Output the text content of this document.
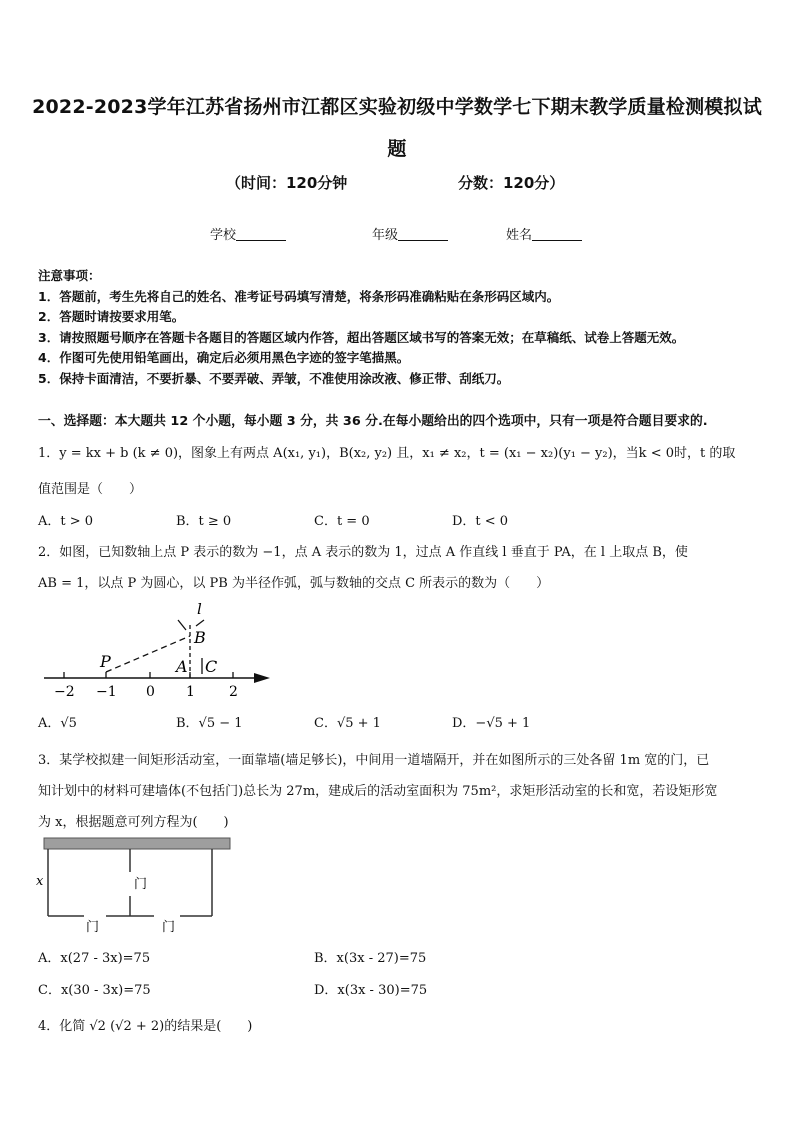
2022-2023学年江苏省扬州市江都区实验初级中学数学七下期末教学质量检测模拟试
题
（时间：120分钟	分数：120分）
学校	年级	姓名
注意事项：
1．答题前，考生先将自己的姓名、准考证号码填写清楚，将条形码准确粘贴在条形码区域内。
2．答题时请按要求用笔。
3．请按照题号顺序在答题卡各题目的答题区域内作答，超出答题区域书写的答案无效；在草稿纸、试卷上答题无效。
4．作图可先使用铅笔画出，确定后必须用黑色字迹的签字笔描黑。
5．保持卡面清洁，不要折暴、不要弄破、弄皱，不准使用涂改液、修正带、刮纸刀。
一、选择题：本大题共 12 个小题，每小题 3 分，共 36 分.在每小题给出的四个选项中，只有一项是符合题目要求的.
1．y = kx + b (k ≠ 0)，图象上有两点 A(x₁, y₁)，B(x₂, y₂) 且，x₁ ≠ x₂，t = (x₁ − x₂)(y₁ − y₂)，当k < 0时，t 的取
值范围是（　　）
A．t > 0	B．t ≥ 0	C．t = 0	D．t < 0
2．如图，已知数轴上点 P 表示的数为 −1，点 A 表示的数为 1，过点 A 作直线 l 垂直于 PA，在 l 上取点 B，使
AB = 1，以点 P 为圆心，以 PB 为半径作弧，弧与数轴的交点 C 所表示的数为（　　）
l
B
P	A C
−2 −1 0 1 2
A．√5	B．√5 − 1	C．√5 + 1	D．−√5 + 1
3．某学校拟建一间矩形活动室，一面靠墙(墙足够长)，中间用一道墙隔开，并在如图所示的三处各留 1m 宽的门，已
知计划中的材料可建墙体(不包括门)总长为 27m，建成后的活动室面积为 75m²，求矩形活动室的长和宽，若设矩形宽
为 x，根据题意可列方程为(　　)
x	门
门	门
A．x(27 - 3x)=75	B．x(3x - 27)=75
C．x(30 - 3x)=75	D．x(3x - 30)=75
4．化简 √2 (√2 + 2)的结果是(　　)
